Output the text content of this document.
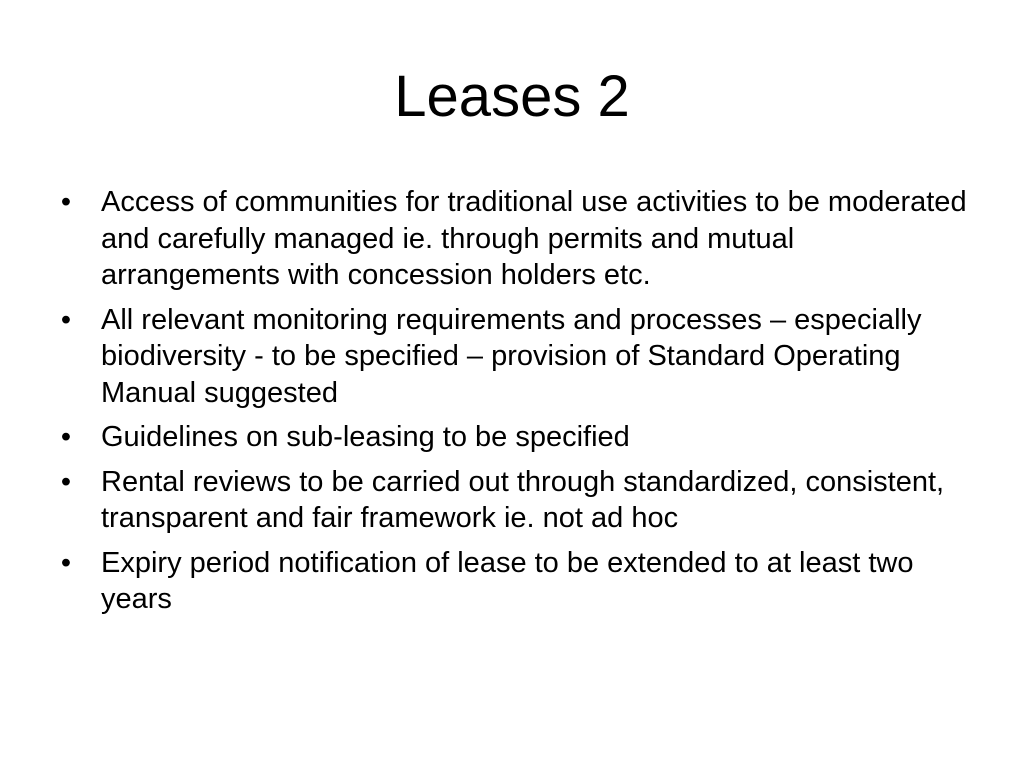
Leases 2
• Access of communities for traditional use activities to be moderated and carefully managed ie. through permits and mutual arrangements with concession holders etc.
• All relevant monitoring requirements and processes – especially biodiversity - to be specified – provision of Standard Operating Manual suggested
• Guidelines on sub-leasing to be specified
• Rental reviews to be carried out through standardized, consistent, transparent and fair framework ie. not ad hoc
• Expiry period notification of lease to be extended to at least two years
